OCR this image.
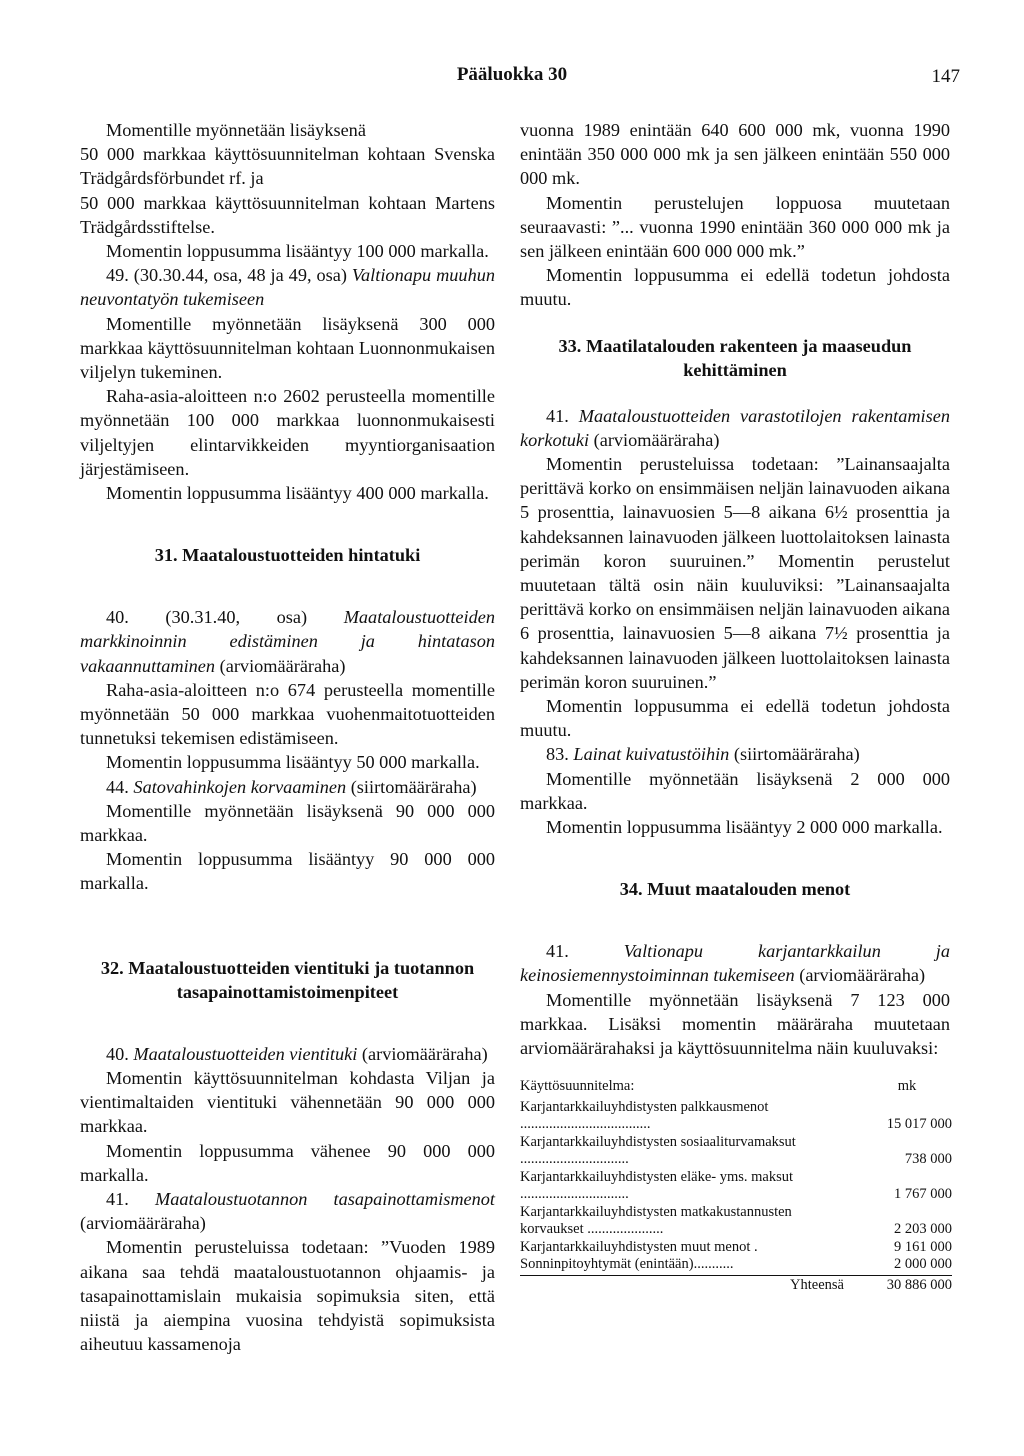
Pääluokka 30	147

Momentille myönnetään lisäyksenä

50 000 markkaa käyttösuunnitelman kohtaan Svenska Trädgårdsförbundet rf. ja

50 000 markkaa käyttösuunnitelman kohtaan Martens Trädgårdsstiftelse.

Momentin loppusumma lisääntyy 100 000 markalla.

49. (30.30.44, osa, 48 ja 49, osa) Valtionapu muuhun neuvontatyön tukemiseen

Momentille myönnetään lisäyksenä 300 000 markkaa käyttösuunnitelman kohtaan Luonnonmukaisen viljelyn tukeminen.

Raha-asia-aloitteen n:o 2602 perusteella momentille myönnetään 100 000 markkaa luonnonmukaisesti viljeltyjen elintarvikkeiden myyntiorganisaation järjestämiseen.

Momentin loppusumma lisääntyy 400 000 markalla.

31. Maataloustuotteiden hintatuki

40. (30.31.40, osa) Maataloustuotteiden markkinoinnin edistäminen ja hintatason vakaannuttaminen (arviomääräraha)

Raha-asia-aloitteen n:o 674 perusteella momentille myönnetään 50 000 markkaa vuohenmaitotuotteiden tunnetuksi tekemisen edistämiseen.

Momentin loppusumma lisääntyy 50 000 markalla.

44. Satovahinkojen korvaaminen (siirtomääräraha)

Momentille myönnetään lisäyksenä 90 000 000 markkaa.

Momentin loppusumma lisääntyy 90 000 000 markalla.

32. Maataloustuotteiden vientituki ja tuotannon tasapainottamistoimenpiteet

40. Maataloustuotteiden vientituki (arviomääräraha)

Momentin käyttösuunnitelman kohdasta Viljan ja vientimaltaiden vientituki vähennetään 90 000 000 markkaa.

Momentin loppusumma vähenee 90 000 000 markalla.

41. Maataloustuotannon tasapainottamismenot (arviomääräraha)

Momentin perusteluissa todetaan: ”Vuoden 1989 aikana saa tehdä maataloustuotannon ohjaamis- ja tasapainottamislain mukaisia sopimuksia siten, että niistä ja aiempina vuosina tehdyistä sopimuksista aiheutuu kassamenoja

vuonna 1989 enintään 640 600 000 mk, vuonna 1990 enintään 350 000 000 mk ja sen jälkeen enintään 550 000 000 mk.

Momentin perustelujen loppuosa muutetaan seuraavasti: ”... vuonna 1990 enintään 360 000 000 mk ja sen jälkeen enintään 600 000 000 mk.”

Momentin loppusumma ei edellä todetun johdosta muutu.

33. Maatilatalouden rakenteen ja maaseudun kehittäminen

41. Maataloustuotteiden varastotilojen rakentamisen korkotuki (arviomääräraha)

Momentin perusteluissa todetaan: ”Lainansaajalta perittävä korko on ensimmäisen neljän lainavuoden aikana 5 prosenttia, lainavuosien 5—8 aikana 6½ prosenttia ja kahdeksannen lainavuoden jälkeen luottolaitoksen lainasta perimän koron suuruinen.” Momentin perustelut muutetaan tältä osin näin kuuluviksi: ”Lainansaajalta perittävä korko on ensimmäisen neljän lainavuoden aikana 6 prosenttia, lainavuosien 5—8 aikana 7½ prosenttia ja kahdeksannen lainavuoden jälkeen luottolaitoksen lainasta perimän koron suuruinen.”

Momentin loppusumma ei edellä todetun johdosta muutu.

83. Lainat kuivatustöihin (siirtomääräraha)

Momentille myönnetään lisäyksenä 2 000 000 markkaa.

Momentin loppusumma lisääntyy 2 000 000 markalla.

34. Muut maatalouden menot

41. Valtionapu karjantarkkailun ja keinosiemennystoiminnan tukemiseen (arviomääräraha)

Momentille myönnetään lisäyksenä 7 123 000 markkaa. Lisäksi momentin määräraha muutetaan arviomäärärahaksi ja käyttösuunnitelma näin kuuluvaksi:

Käyttösuunnitelma:	mk
Karjantarkkailuyhdistysten palkkausmenot ....................................	15 017 000
Karjantarkkailuyhdistysten sosiaaliturvamaksut ..............................	738 000
Karjantarkkailuyhdistysten eläke- yms. maksut ..............................	1 767 000
Karjantarkkailuyhdistysten matkakustannusten korvaukset .....................	2 203 000
Karjantarkkailuyhdistysten muut menot .	9 161 000
Sonninpitoyhtymät (enintään)...........	2 000 000
Yhteensä	30 886 000
